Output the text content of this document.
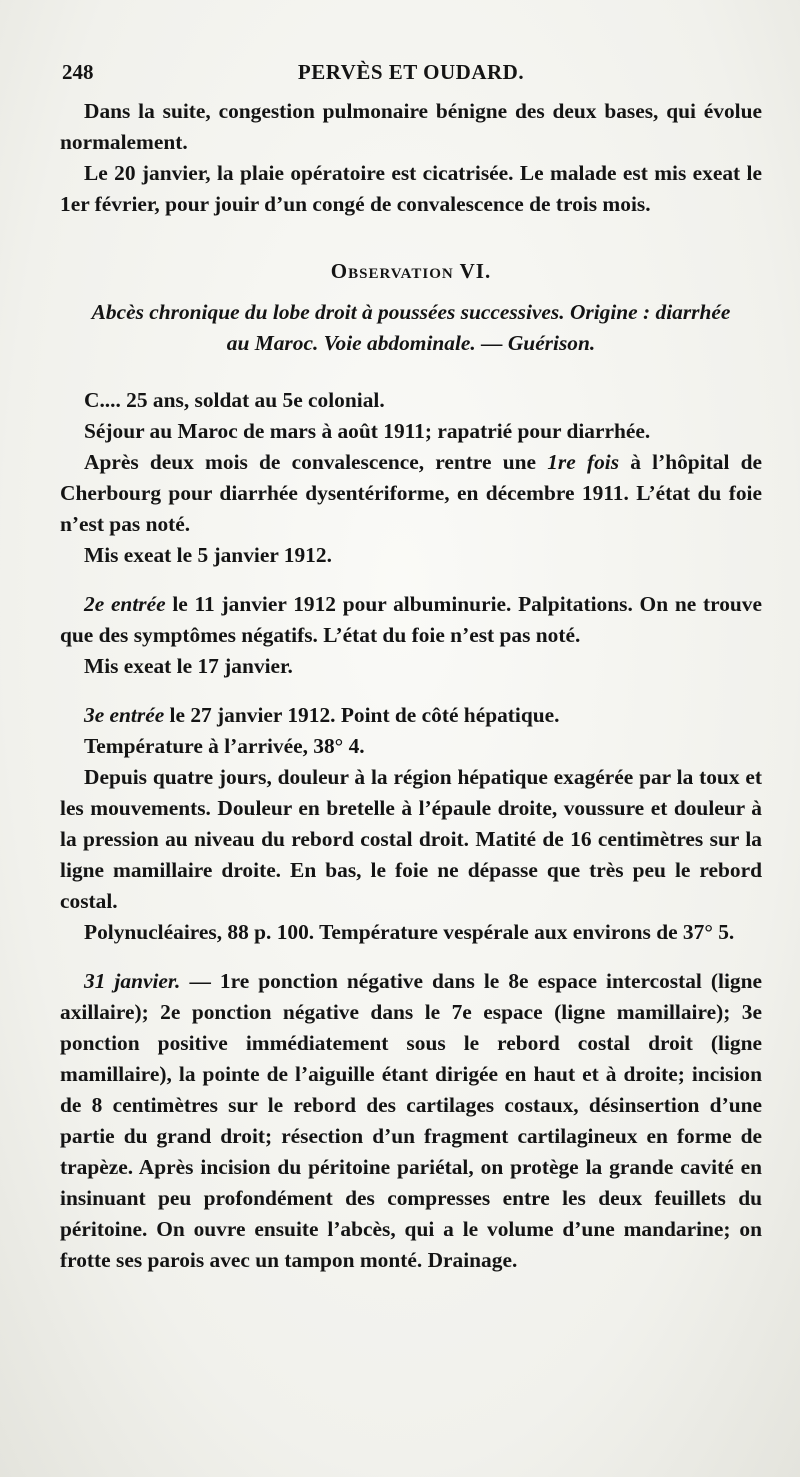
248	PERVÈS ET OUDARD.

Dans la suite, congestion pulmonaire bénigne des deux bases, qui évolue normalement.

Le 20 janvier, la plaie opératoire est cicatrisée. Le malade est mis exeat le 1er février, pour jouir d’un congé de convalescence de trois mois.

Observation VI.

Abcès chronique du lobe droit à poussées successives. Origine : diarrhée
au Maroc. Voie abdominale. — Guérison.

C.... 25 ans, soldat au 5e colonial.

Séjour au Maroc de mars à août 1911; rapatrié pour diarrhée.

Après deux mois de convalescence, rentre une 1re fois à l’hôpital de Cherbourg pour diarrhée dysentériforme, en décembre 1911. L’état du foie n’est pas noté.

Mis exeat le 5 janvier 1912.

2e entrée le 11 janvier 1912 pour albuminurie. Palpitations. On ne trouve que des symptômes négatifs. L’état du foie n’est pas noté.

Mis exeat le 17 janvier.

3e entrée le 27 janvier 1912. Point de côté hépatique.

Température à l’arrivée, 38° 4.

Depuis quatre jours, douleur à la région hépatique exagérée par la toux et les mouvements. Douleur en bretelle à l’épaule droite, voussure et douleur à la pression au niveau du rebord costal droit. Matité de 16 centimètres sur la ligne mamillaire droite. En bas, le foie ne dépasse que très peu le rebord costal.

Polynucléaires, 88 p. 100. Température vespérale aux environs de 37° 5.

31 janvier. — 1re ponction négative dans le 8e espace intercostal (ligne axillaire); 2e ponction négative dans le 7e espace (ligne mamillaire); 3e ponction positive immédiatement sous le rebord costal droit (ligne mamillaire), la pointe de l’aiguille étant dirigée en haut et à droite; incision de 8 centimètres sur le rebord des cartilages costaux, désinsertion d’une partie du grand droit; résection d’un fragment cartilagineux en forme de trapèze. Après incision du péritoine pariétal, on protège la grande cavité en insinuant peu profondément des compresses entre les deux feuillets du péritoine. On ouvre ensuite l’abcès, qui a le volume d’une mandarine; on frotte ses parois avec un tampon monté. Drainage.
